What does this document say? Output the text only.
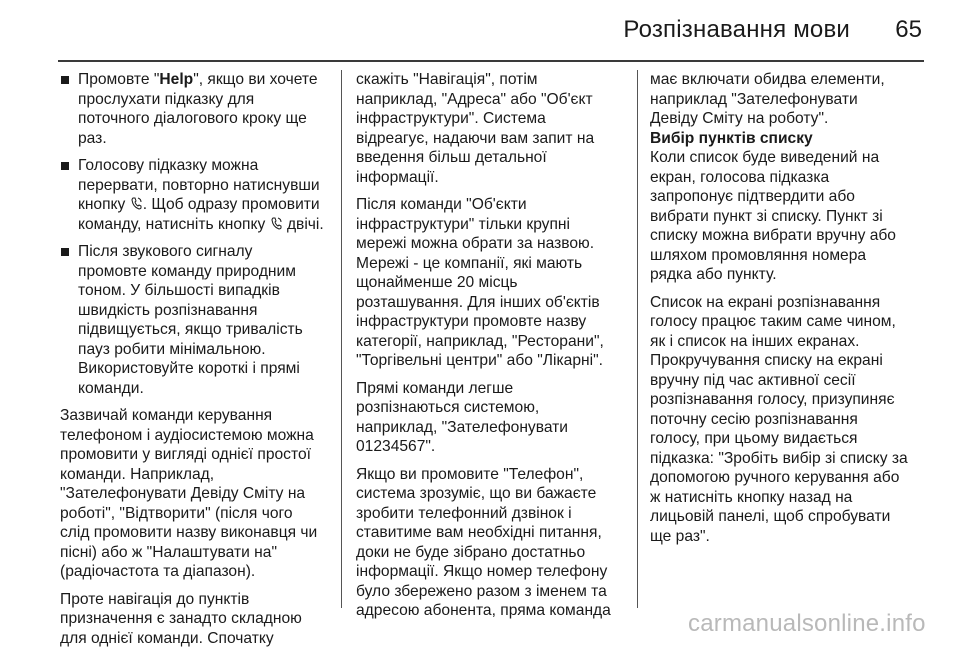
Розпізнавання мови	65
Промовте "Help", якщо ви хочете
прослухати підказку для
поточного діалогового кроку ще
раз.
Голосову підказку можна
перервати, повторно натиснувши
кнопку . Щоб одразу промовити
команду, натисніть кнопку  двічі.
Після звукового сигналу
промовте команду природним
тоном. У більшості випадків
швидкість розпізнавання
підвищується, якщо тривалість
пауз робити мінімальною.
Використовуйте короткі і прямі
команди.
Зазвичай команди керування
телефоном і аудіосистемою можна
промовити у вигляді однієї простої
команди. Наприклад,
"Зателефонувати Девіду Сміту на
роботі", "Відтворити" (після чого
слід промовити назву виконавця чи
пісні) або ж "Налаштувати на"
(радіочастота та діапазон).
Проте навігація до пунктів
призначення є занадто складною
для однієї команди. Спочатку
скажіть "Навігація", потім
наприклад, "Адреса" або "Об'єкт
інфраструктури". Система
відреагує, надаючи вам запит на
введення більш детальної
інформації.
Після команди "Об'єкти
інфраструктури" тільки крупні
мережі можна обрати за назвою.
Мережі - це компанії, які мають
щонайменше 20 місць
розташування. Для інших об'єктів
інфраструктури промовте назву
категорії, наприклад, "Ресторани",
"Торгівельні центри" або "Лікарні".
Прямі команди легше
розпізнаються системою,
наприклад, "Зателефонувати
01234567".
Якщо ви промовите "Телефон",
система зрозуміє, що ви бажаєте
зробити телефонний дзвінок і
ставитиме вам необхідні питання,
доки не буде зібрано достатньо
інформації. Якщо номер телефону
було збережено разом з іменем та
адресою абонента, пряма команда
має включати обидва елементи,
наприклад "Зателефонувати
Девіду Сміту на роботу".
Вибір пунктів списку
Коли список буде виведений на
екран, голосова підказка
запропонує підтвердити або
вибрати пункт зі списку. Пункт зі
списку можна вибрати вручну або
шляхом промовляння номера
рядка або пункту.
Список на екрані розпізнавання
голосу працює таким саме чином,
як і список на інших екранах.
Прокручування списку на екрані
вручну під час активної сесії
розпізнавання голосу, призупиняє
поточну сесію розпізнавання
голосу, при цьому видається
підказка: "Зробіть вибір зі списку за
допомогою ручного керування або
ж натисніть кнопку назад на
лицьовій панелі, щоб спробувати
ще раз".
carmanualsonline.info
